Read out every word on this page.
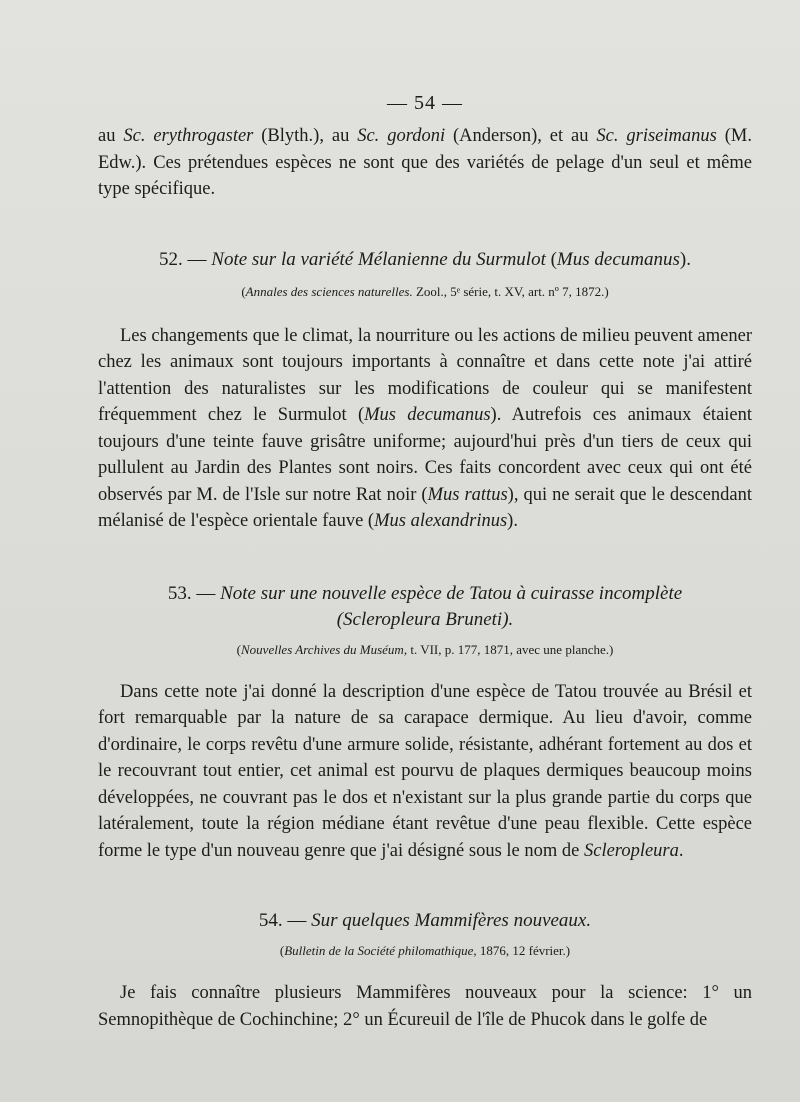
— 54 —

au Sc. erythrogaster (Blyth.), au Sc. gordoni (Anderson), et au Sc. griseimanus (M. Edw.). Ces prétendues espèces ne sont que des variétés de pelage d'un seul et même type spécifique.

52. — Note sur la variété Mélanienne du Surmulot (Mus decumanus).
(Annales des sciences naturelles. Zool., 5ᵉ série, t. XV, art. nº 7, 1872.)

Les changements que le climat, la nourriture ou les actions de milieu peuvent amener chez les animaux sont toujours importants à connaître et dans cette note j'ai attiré l'attention des naturalistes sur les modifications de couleur qui se manifestent fréquemment chez le Surmulot (Mus decumanus). Autrefois ces animaux étaient toujours d'une teinte fauve grisâtre uniforme; aujourd'hui près d'un tiers de ceux qui pullulent au Jardin des Plantes sont noirs. Ces faits concordent avec ceux qui ont été observés par M. de l'Isle sur notre Rat noir (Mus rattus), qui ne serait que le descendant mélanisé de l'espèce orientale fauve (Mus alexandrinus).

53. — Note sur une nouvelle espèce de Tatou à cuirasse incomplète
(Scleropleura Bruneti).
(Nouvelles Archives du Muséum, t. VII, p. 177, 1871, avec une planche.)

Dans cette note j'ai donné la description d'une espèce de Tatou trouvée au Brésil et fort remarquable par la nature de sa carapace dermique. Au lieu d'avoir, comme d'ordinaire, le corps revêtu d'une armure solide, résistante, adhérant fortement au dos et le recouvrant tout entier, cet animal est pourvu de plaques dermiques beaucoup moins développées, ne couvrant pas le dos et n'existant sur la plus grande partie du corps que latéralement, toute la région médiane étant revêtue d'une peau flexible. Cette espèce forme le type d'un nouveau genre que j'ai désigné sous le nom de Scleropleura.

54. — Sur quelques Mammifères nouveaux.
(Bulletin de la Société philomathique, 1876, 12 février.)

Je fais connaître plusieurs Mammifères nouveaux pour la science: 1° un Semnopithèque de Cochinchine; 2° un Écureuil de l'île de Phucok dans le golfe de
